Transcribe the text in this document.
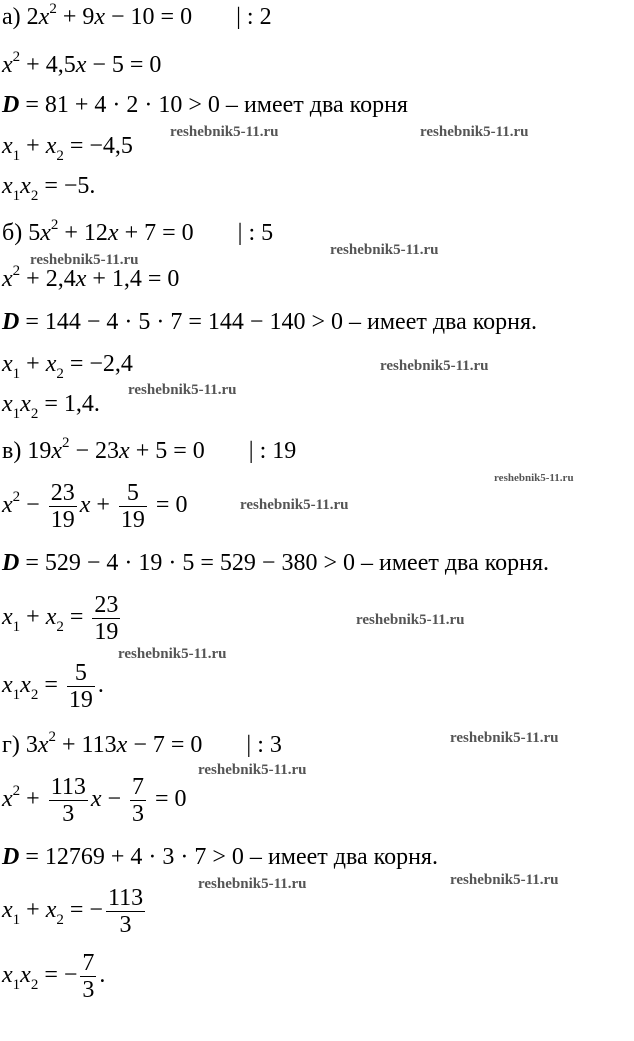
а) $2x^2 + 9x - 10 = 0$ | : 2
$x^2 + 4,5x - 5 = 0$
D = 81 + 4 · 2 · 10 > 0 – имеет два корня
$x_1 + x_2 = -4,5$
$x_1x_2 = -5$.
б) $5x^2 + 12x + 7 = 0$ | : 5
$x^2 + 2,4x + 1,4 = 0$
D = 144 − 4 · 5 · 7 = 144 − 140 > 0 – имеет два корня.
$x_1 + x_2 = -2,4$
$x_1x_2 = 1,4$.
в) $19x^2 - 23x + 5 = 0$ | : 19
$x^2 - \frac{23}{19}$ $x + \frac{5}{19} = 0$
D = 529 − 4 · 19 · 5 = 529 − 380 > 0 – имеет два корня.
$x_1 + x_2 = \frac{23}{19}$
$x_1x_2 = \frac{5}{19}$ .
г) $3x^2 + 113x - 7 = 0$ | : 3
$x^2 + \frac{113}{3}$ $x - \frac{7}{3} = 0$
D = 12769 + 4 · 3 · 7 > 0 – имеет два корня.
$x_1 + x_2$ = − $\frac{113}{3}$
$x_1x_2$ = − $\frac{7}{3}$ .
reshebnik5-11.ru	reshebnik5-11.ru
reshebnik5-11.ru
reshebnik5-11.ru
reshebnik5-11.ru
reshebnik5-11.ru
reshebnik5-11.ru
reshebnik5-11.ru
reshebnik5-11.ru
reshebnik5-11.ru
reshebnik5-11.ru
reshebnik5-11.ru
reshebnik5-11.ru	reshebnik5-11.ru
